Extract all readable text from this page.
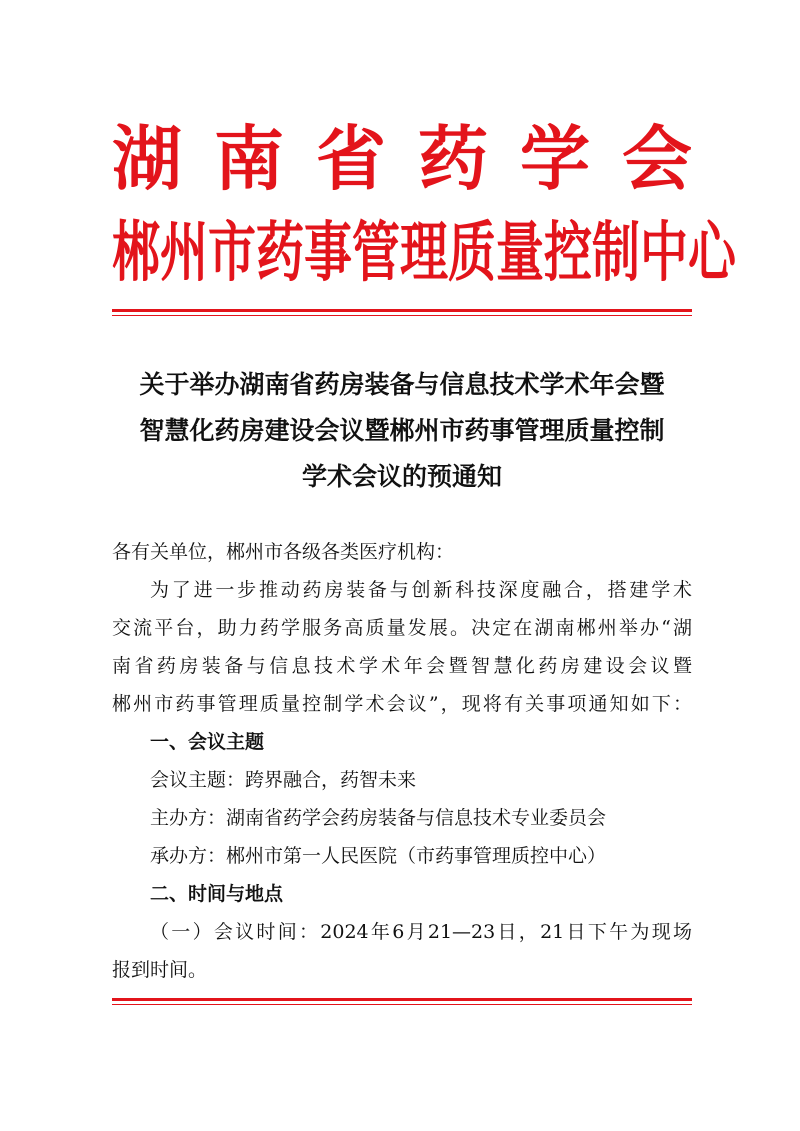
湖 南 省 药 学 会
郴州市药事管理质量控制中心
关于举办湖南省药房装备与信息技术学术年会暨
智慧化药房建设会议暨郴州市药事管理质量控制
学术会议的预通知
各有关单位，郴州市各级各类医疗机构：
为了进一步推动药房装备与创新科技深度融合，搭建学术
交流平台，助力药学服务高质量发展。决定在湖南郴州举办“湖
南省药房装备与信息技术学术年会暨智慧化药房建设会议暨
郴州市药事管理质量控制学术会议”，现将有关事项通知如下：
一、会议主题
会议主题：跨界融合，药智未来
主办方：湖南省药学会药房装备与信息技术专业委员会
承办方：郴州市第一人民医院（市药事管理质控中心）
二、时间与地点
（一）会议时间：2024年6月21—23日，21日下午为现场
报到时间。
